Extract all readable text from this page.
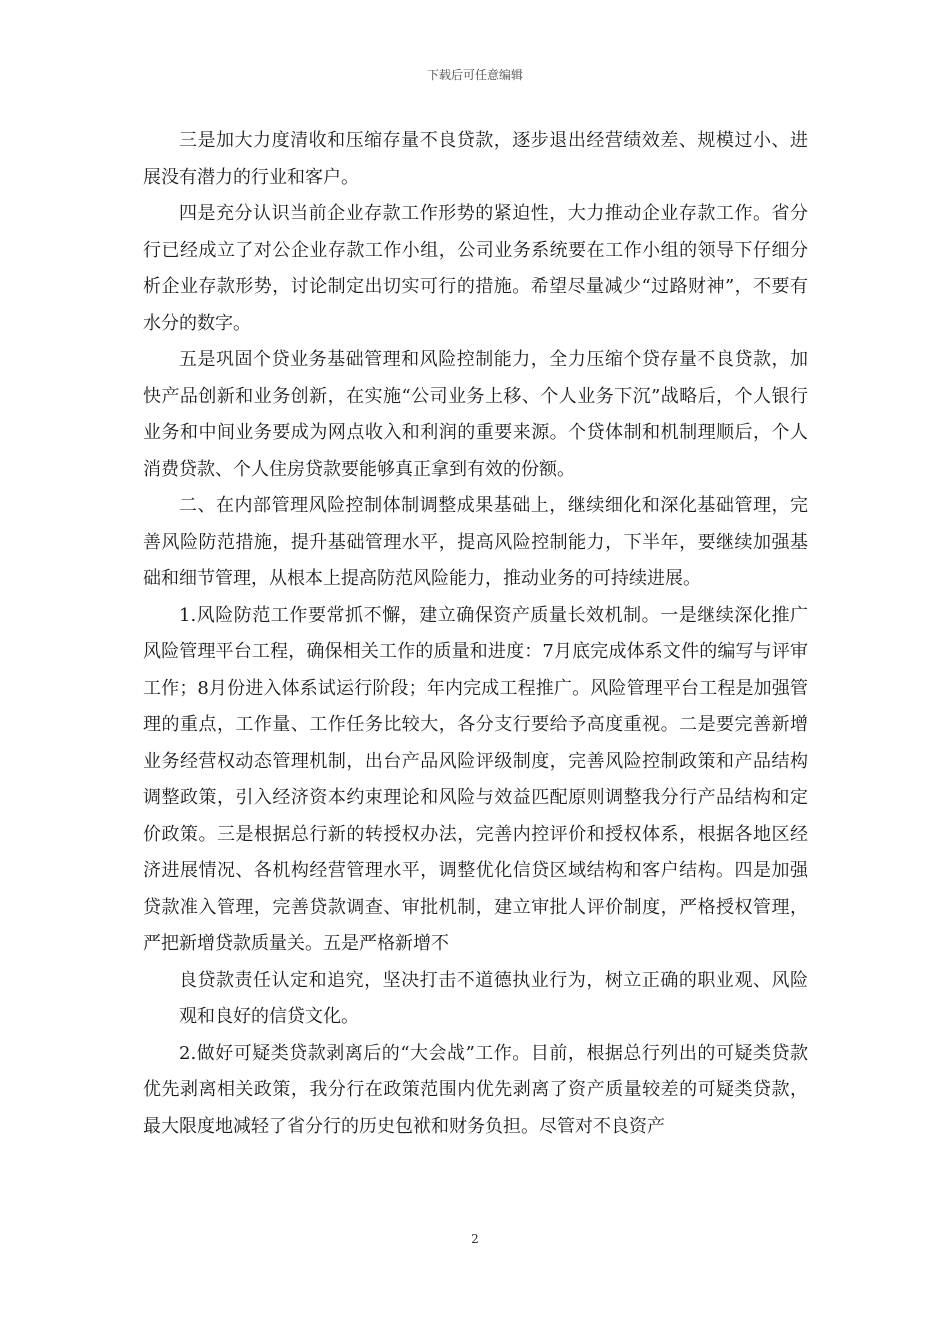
下载后可任意编辑

三是加大力度清收和压缩存量不良贷款，逐步退出经营绩效差、规模过小、进展没有潜力的行业和客户。

四是充分认识当前企业存款工作形势的紧迫性，大力推动企业存款工作。省分行已经成立了对公企业存款工作小组，公司业务系统要在工作小组的领导下仔细分析企业存款形势，讨论制定出切实可行的措施。希望尽量减少“过路财神”，不要有水分的数字。

五是巩固个贷业务基础管理和风险控制能力，全力压缩个贷存量不良贷款，加快产品创新和业务创新，在实施“公司业务上移、个人业务下沉”战略后，个人银行业务和中间业务要成为网点收入和利润的重要来源。个贷体制和机制理顺后，个人消费贷款、个人住房贷款要能够真正拿到有效的份额。

二、在内部管理风险控制体制调整成果基础上，继续细化和深化基础管理，完善风险防范措施，提升基础管理水平，提高风险控制能力，下半年，要继续加强基础和细节管理，从根本上提高防范风险能力，推动业务的可持续进展。

1.风险防范工作要常抓不懈，建立确保资产质量长效机制。一是继续深化推广风险管理平台工程，确保相关工作的质量和进度：7月底完成体系文件的编写与评审工作；8月份进入体系试运行阶段；年内完成工程推广。风险管理平台工程是加强管理的重点，工作量、工作任务比较大，各分支行要给予高度重视。二是要完善新增业务经营权动态管理机制，出台产品风险评级制度，完善风险控制政策和产品结构调整政策，引入经济资本约束理论和风险与效益匹配原则调整我分行产品结构和定价政策。三是根据总行新的转授权办法，完善内控评价和授权体系，根据各地区经济进展情况、各机构经营管理水平，调整优化信贷区域结构和客户结构。四是加强贷款准入管理，完善贷款调查、审批机制，建立审批人评价制度，严格授权管理，严把新增贷款质量关。五是严格新增不

良贷款责任认定和追究，坚决打击不道德执业行为，树立正确的职业观、风险观和良好的信贷文化。

2.做好可疑类贷款剥离后的“大会战”工作。目前，根据总行列出的可疑类贷款优先剥离相关政策，我分行在政策范围内优先剥离了资产质量较差的可疑类贷款，最大限度地减轻了省分行的历史包袱和财务负担。尽管对不良资产

2
